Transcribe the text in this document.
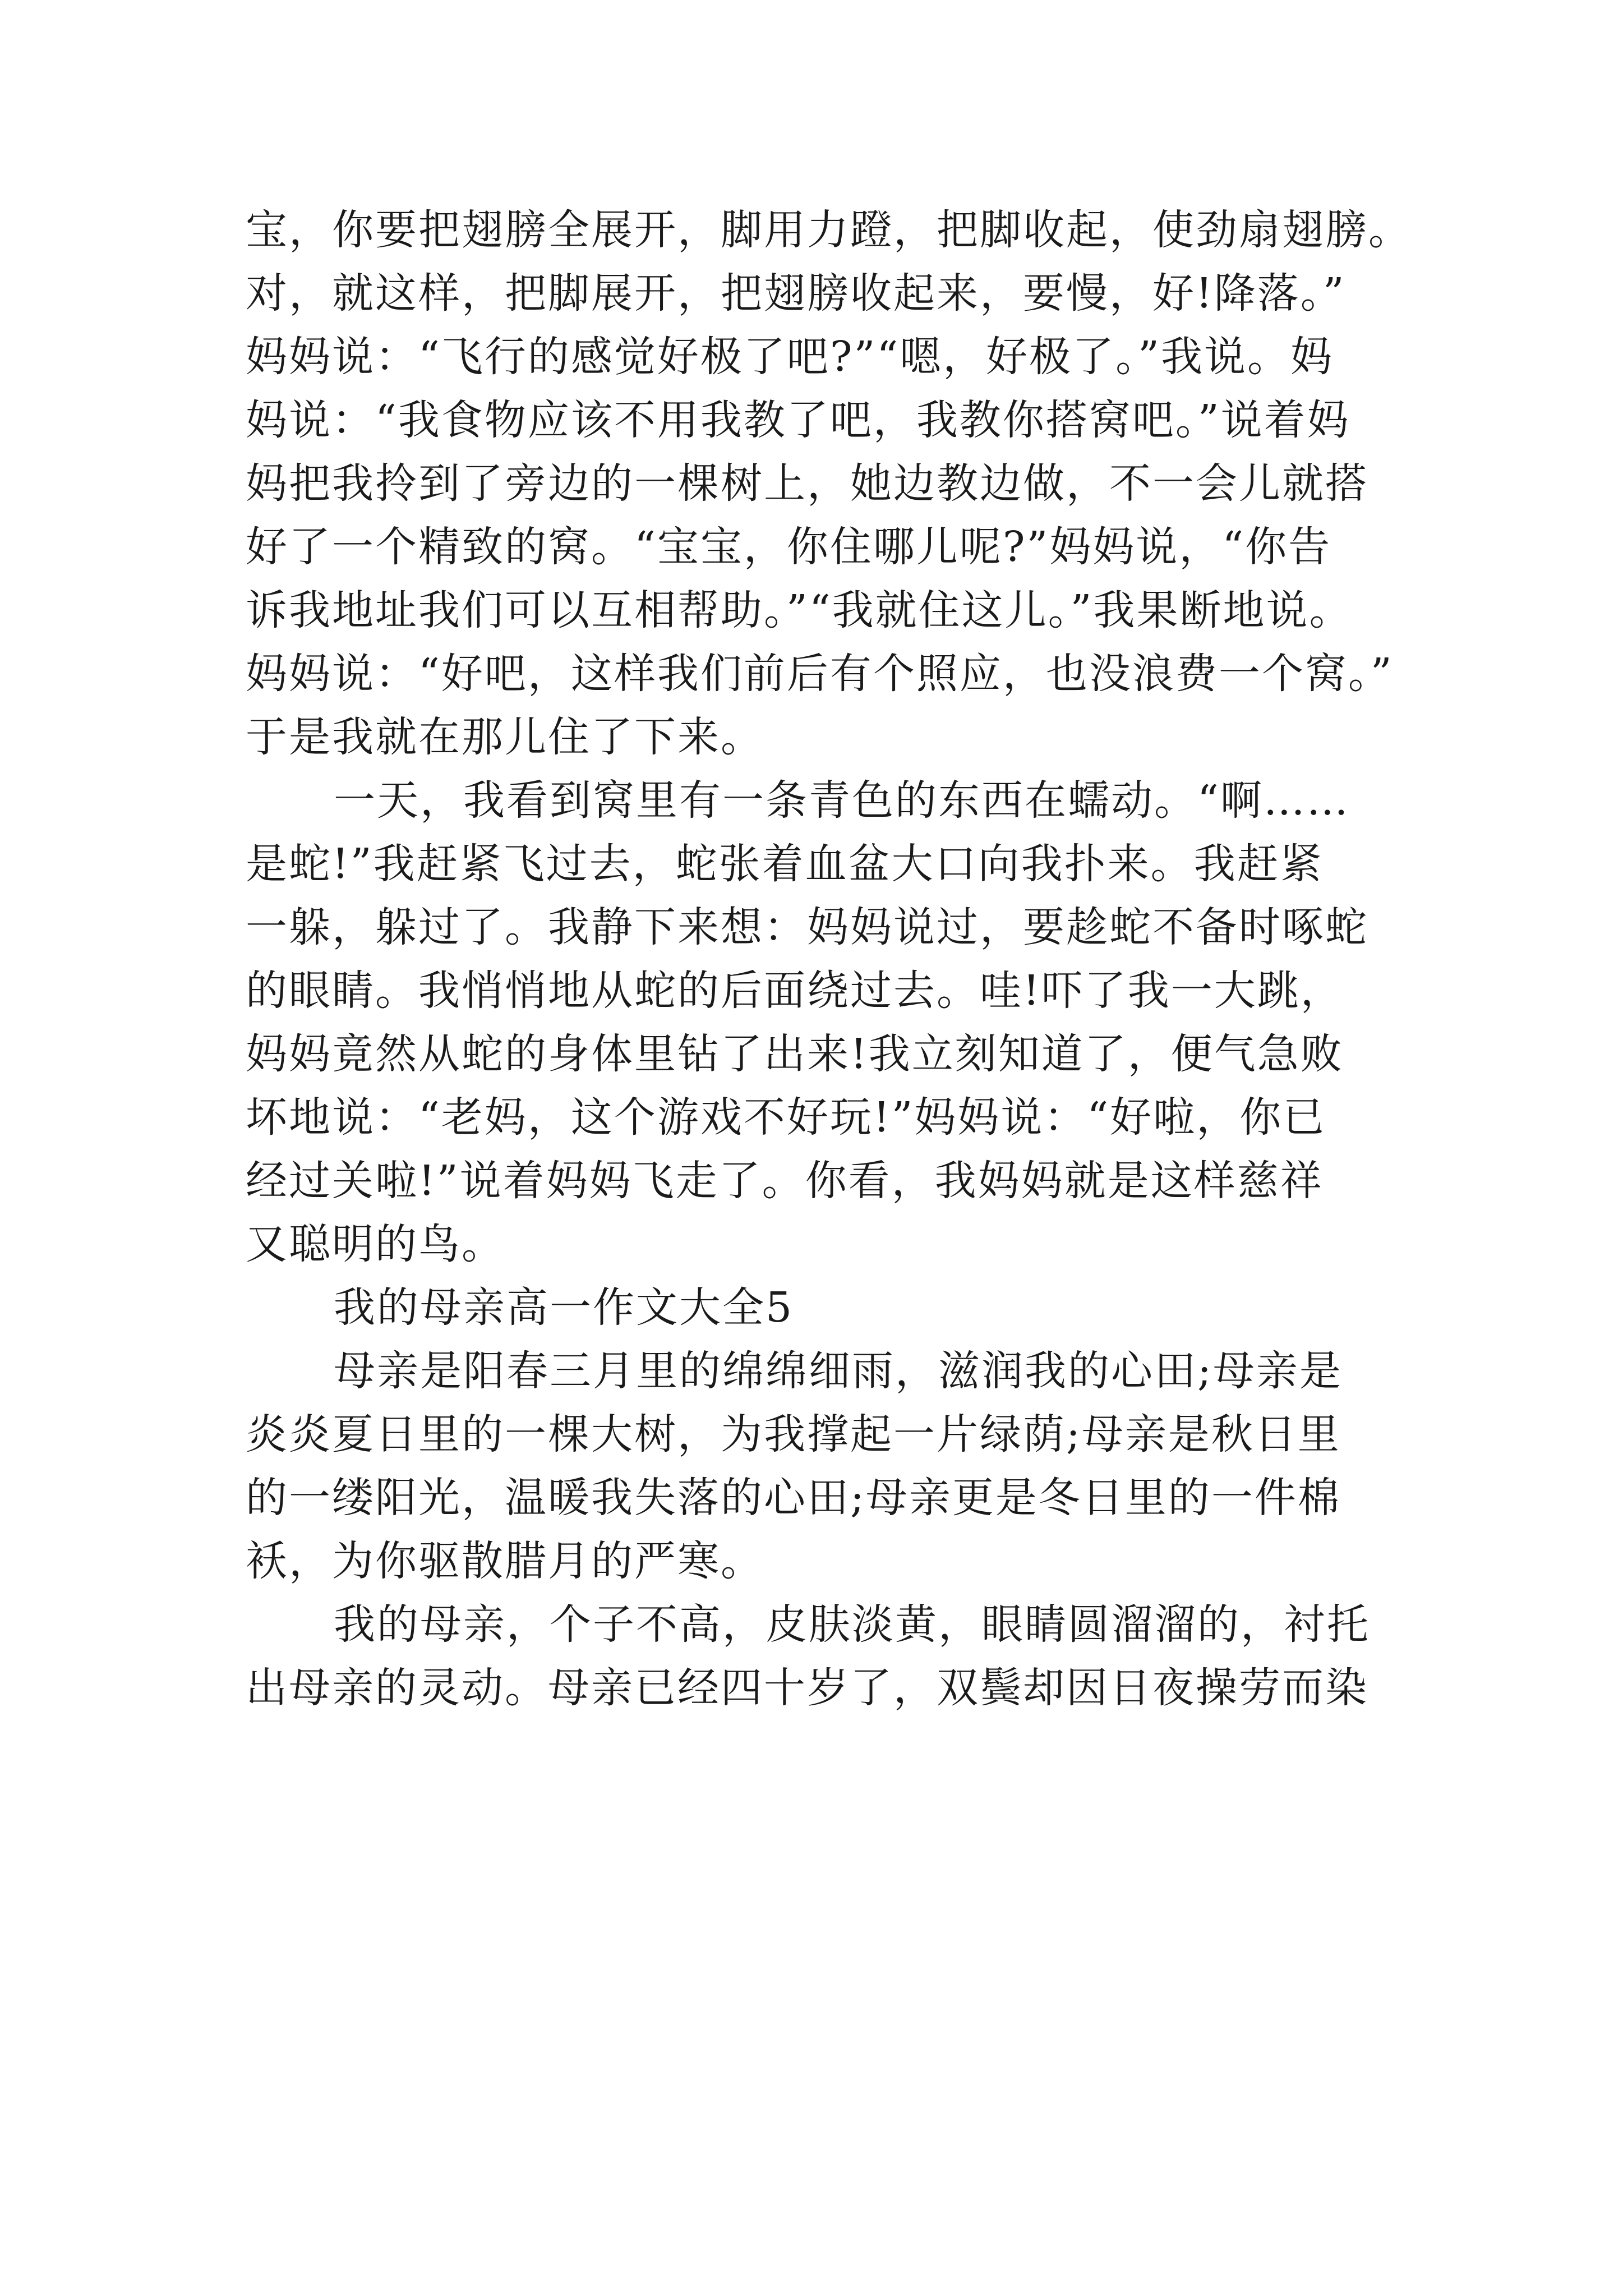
宝，你要把翅膀全展开，脚用力蹬，把脚收起，使劲扇翅膀。

对，就这样，把脚展开，把翅膀收起来，要慢，好!降落。”

妈妈说：“飞行的感觉好极了吧?”“嗯，好极了。”我说。妈

妈说：“我食物应该不用我教了吧，我教你搭窝吧。”说着妈

妈把我拎到了旁边的一棵树上，她边教边做，不一会儿就搭

好了一个精致的窝。“宝宝，你住哪儿呢?”妈妈说，“你告

诉我地址我们可以互相帮助。”“我就住这儿。”我果断地说。

妈妈说：“好吧，这样我们前后有个照应，也没浪费一个窝。”

于是我就在那儿住了下来。

一天，我看到窝里有一条青色的东西在蠕动。“啊……

是蛇!”我赶紧飞过去，蛇张着血盆大口向我扑来。我赶紧

一躲，躲过了。我静下来想：妈妈说过，要趁蛇不备时啄蛇

的眼睛。我悄悄地从蛇的后面绕过去。哇!吓了我一大跳，

妈妈竟然从蛇的身体里钻了出来!我立刻知道了，便气急败

坏地说：“老妈，这个游戏不好玩!”妈妈说：“好啦，你已

经过关啦!”说着妈妈飞走了。你看，我妈妈就是这样慈祥

又聪明的鸟。

我的母亲高一作文大全5

母亲是阳春三月里的绵绵细雨，滋润我的心田;母亲是

炎炎夏日里的一棵大树，为我撑起一片绿荫;母亲是秋日里

的一缕阳光，温暖我失落的心田;母亲更是冬日里的一件棉

袄，为你驱散腊月的严寒。

我的母亲，个子不高，皮肤淡黄，眼睛圆溜溜的，衬托

出母亲的灵动。母亲已经四十岁了，双鬓却因日夜操劳而染
